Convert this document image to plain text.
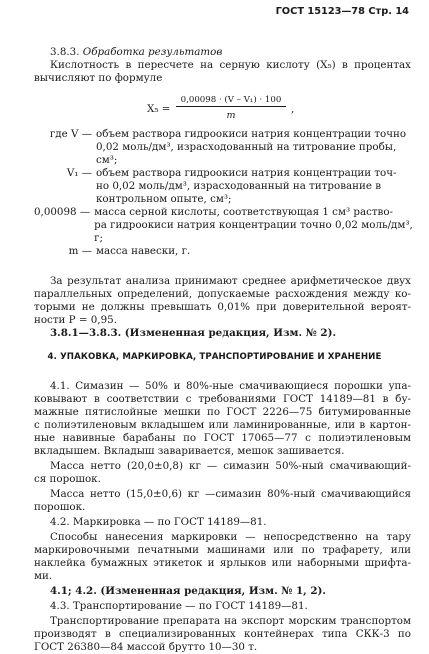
ГОСТ 15123—78 Стр. 14
3.8.3. Обработка результатов
Кислотность в пересчете на серную кислоту (X₅) в процентах
вычисляют по формуле
X₅ =
0,00098 · (V – V₁) · 100
m
,
где V — объем раствора гидроокиси натрия концентрации точно
0,02 моль/дм³, израсходованный на титрование пробы,
см³;
V₁ — объем раствора гидроокиси натрия концентрации точ-
но 0,02 моль/дм³, израсходованный на титрование в
контрольном опыте, см³;
0,00098 — масса серной кислоты, соответствующая 1 см³ раство-
ра гидроокиси натрия концентрации точно 0,02 моль/дм³,
г;
m — масса навески, г.
За результат анализа принимают среднее арифметическое двух
параллельных определений, допускаемые расхождения между ко-
торыми не должны превышать 0,01% при доверительной вероят-
ности P = 0,95.
3.8.1—3.8.3. (Измененная редакция, Изм. № 2).
4. УПАКОВКА, МАРКИРОВКА, ТРАНСПОРТИРОВАНИЕ И ХРАНЕНИЕ
4.1. Симазин — 50% и 80%-ные смачивающиеся порошки упа-
ковывают в соответствии с требованиями ГОСТ 14189—81 в бу-
мажные пятислойные мешки по ГОСТ 2226—75 битумированные
с полиэтиленовым вкладышем или ламинированные, или в картон-
ные навивные барабаны по ГОСТ 17065—77 с полиэтиленовым
вкладышем. Вкладыш заваривается, мешок зашивается.
Масса нетто (20,0±0,8) кг — симазин 50%-ный смачивающий-
ся порошок.
Масса нетто (15,0±0,6) кг —симазин 80%-ный смачивающийся
порошок.
4.2. Маркировка — по ГОСТ 14189—81.
Способы нанесения маркировки — непосредственно на тару
маркировочными печатными машинами или по трафарету, или
наклейка бумажных этикеток и ярлыков или наборными шрифта-
ми.
4.1; 4.2. (Измененная редакция, Изм. № 1, 2).
4.3. Транспортирование — по ГОСТ 14189—81.
Транспортирование препарата на экспорт морским транспортом
производят в специализированных контейнерах типа СКК-3 по
ГОСТ 26380—84 массой брутто 10—30 т.
